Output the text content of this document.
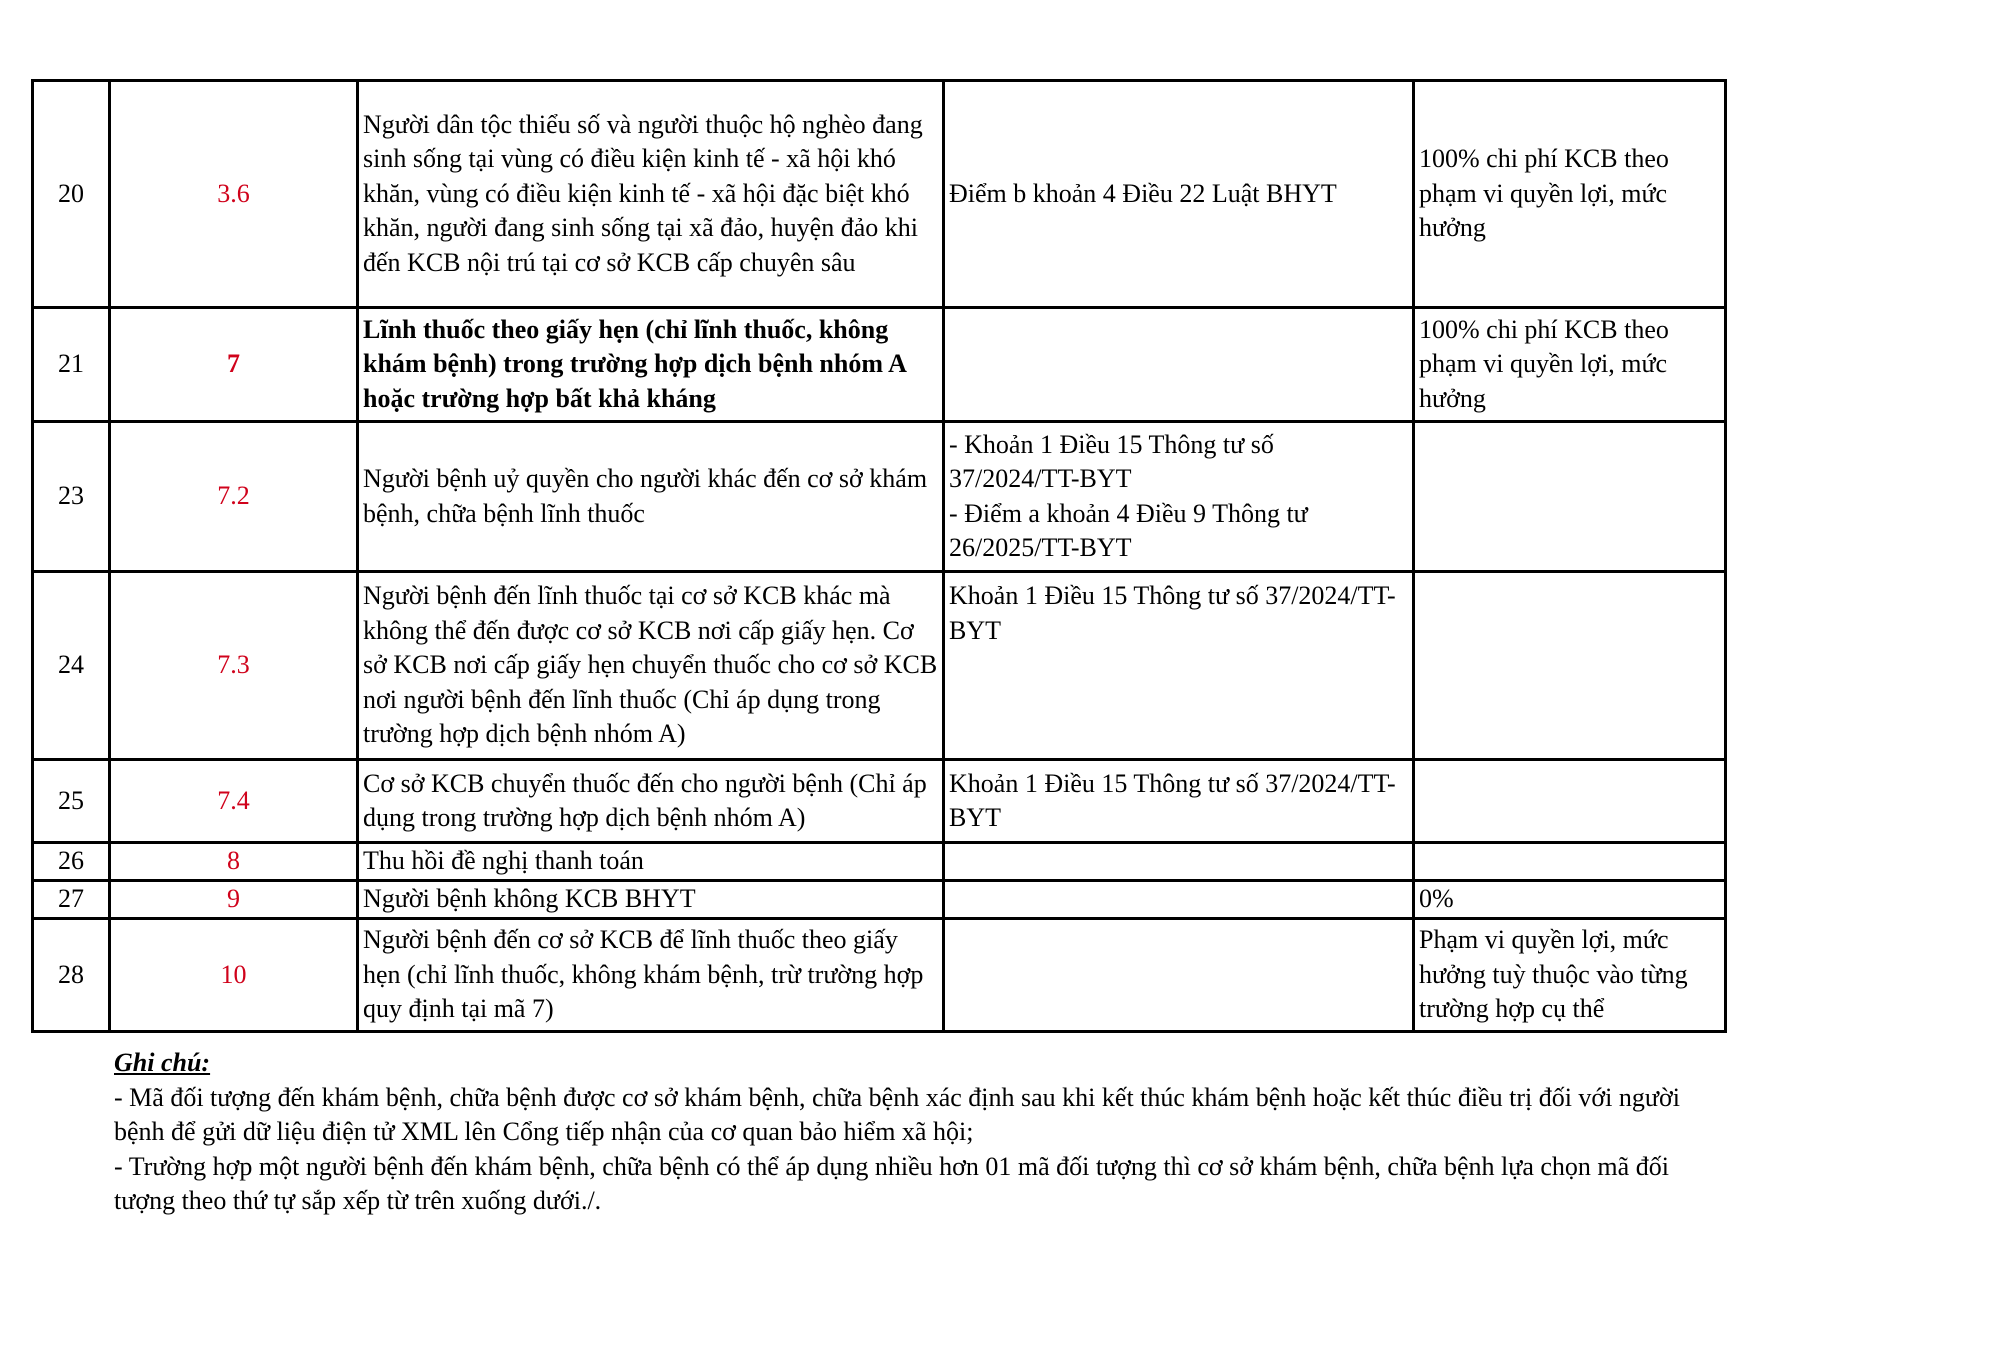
20	3.6	Người dân tộc thiểu số và người thuộc hộ nghèo đang sinh sống tại vùng có điều kiện kinh tế - xã hội khó khăn, vùng có điều kiện kinh tế - xã hội đặc biệt khó khăn, người đang sinh sống tại xã đảo, huyện đảo khi đến KCB nội trú tại cơ sở KCB cấp chuyên sâu	Điểm b khoản 4 Điều 22 Luật BHYT	100% chi phí KCB theo phạm vi quyền lợi, mức hưởng
21	7	Lĩnh thuốc theo giấy hẹn (chỉ lĩnh thuốc, không khám bệnh) trong trường hợp dịch bệnh nhóm A hoặc trường hợp bất khả kháng		100% chi phí KCB theo phạm vi quyền lợi, mức hưởng
23	7.2	Người bệnh uỷ quyền cho người khác đến cơ sở khám bệnh, chữa bệnh lĩnh thuốc	- Khoản 1 Điều 15 Thông tư số 37/2024/TT-BYT
- Điểm a khoản 4 Điều 9 Thông tư 26/2025/TT-BYT	

24	7.3	Người bệnh đến lĩnh thuốc tại cơ sở KCB khác mà không thể đến được cơ sở KCB nơi cấp giấy hẹn. Cơ sở KCB nơi cấp giấy hẹn chuyển thuốc cho cơ sở KCB nơi người bệnh đến lĩnh thuốc (Chỉ áp dụng trong trường hợp dịch bệnh nhóm A)	Khoản 1 Điều 15 Thông tư số 37/2024/TT-BYT	

25	7.4	Cơ sở KCB chuyển thuốc đến cho người bệnh (Chỉ áp dụng trong trường hợp dịch bệnh nhóm A)	Khoản 1 Điều 15 Thông tư số 37/2024/TT-BYT	

26	8	Thu hồi đề nghị thanh toán		
27	9	Người bệnh không KCB BHYT		0%
28	10	Người bệnh đến cơ sở KCB để lĩnh thuốc theo giấy hẹn (chỉ lĩnh thuốc, không khám bệnh, trừ trường hợp quy định tại mã 7)		Phạm vi quyền lợi, mức hưởng tuỳ thuộc vào từng trường hợp cụ thể
Ghi chú:
- Mã đối tượng đến khám bệnh, chữa bệnh được cơ sở khám bệnh, chữa bệnh xác định sau khi kết thúc khám bệnh hoặc kết thúc điều trị đối với người bệnh để gửi dữ liệu điện tử XML lên Cổng tiếp nhận của cơ quan bảo hiểm xã hội;
- Trường hợp một người bệnh đến khám bệnh, chữa bệnh có thể áp dụng nhiều hơn 01 mã đối tượng thì cơ sở khám bệnh, chữa bệnh lựa chọn mã đối tượng theo thứ tự sắp xếp từ trên xuống dưới./.
